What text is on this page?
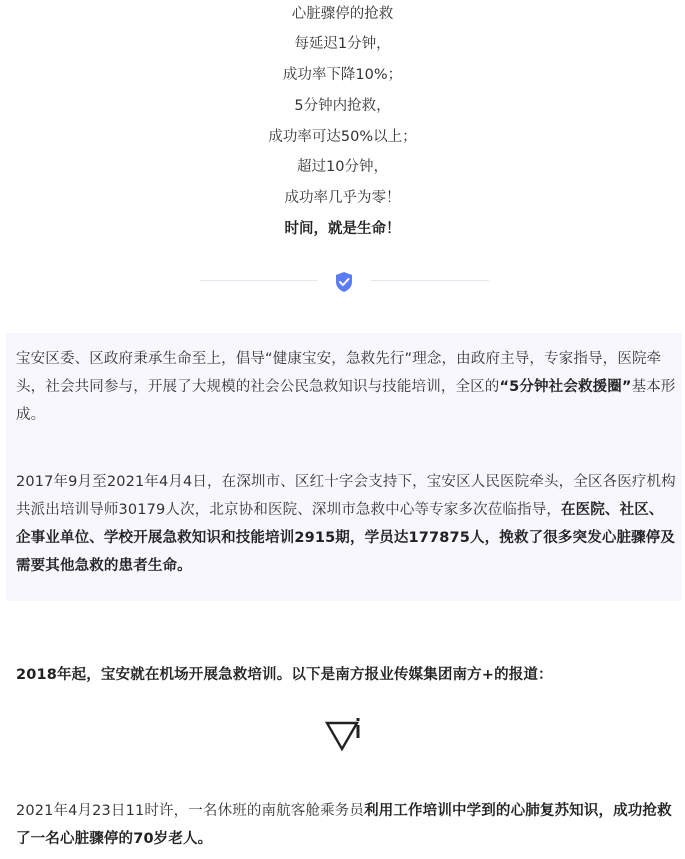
心脏骤停的抢救
每延迟1分钟，
成功率下降10%；
5分钟内抢救，
成功率可达50%以上；
超过10分钟，
成功率几乎为零！
时间，就是生命！
宝安区委、区政府秉承生命至上，倡导“健康宝安，急救先行”理念，由政府主导，专家指导，医院牵头，社会共同参与，开展了大规模的社会公民急救知识与技能培训，全区的“5分钟社会救援圈”基本形成。
2017年9月至2021年4月4日，在深圳市、区红十字会支持下，宝安区人民医院牵头，全区各医疗机构共派出培训导师30179人次，北京协和医院、深圳市急救中心等专家多次莅临指导，在医院、社区、企事业单位、学校开展急救知识和技能培训2915期，学员达177875人，挽救了很多突发心脏骤停及需要其他急救的患者生命。
2018年起，宝安就在机场开展急救培训。以下是南方报业传媒集团南方+的报道：
2021年4月23日11时许，一名休班的南航客舱乘务员利用工作培训中学到的心肺复苏知识，成功抢救了一名心脏骤停的70岁老人。
